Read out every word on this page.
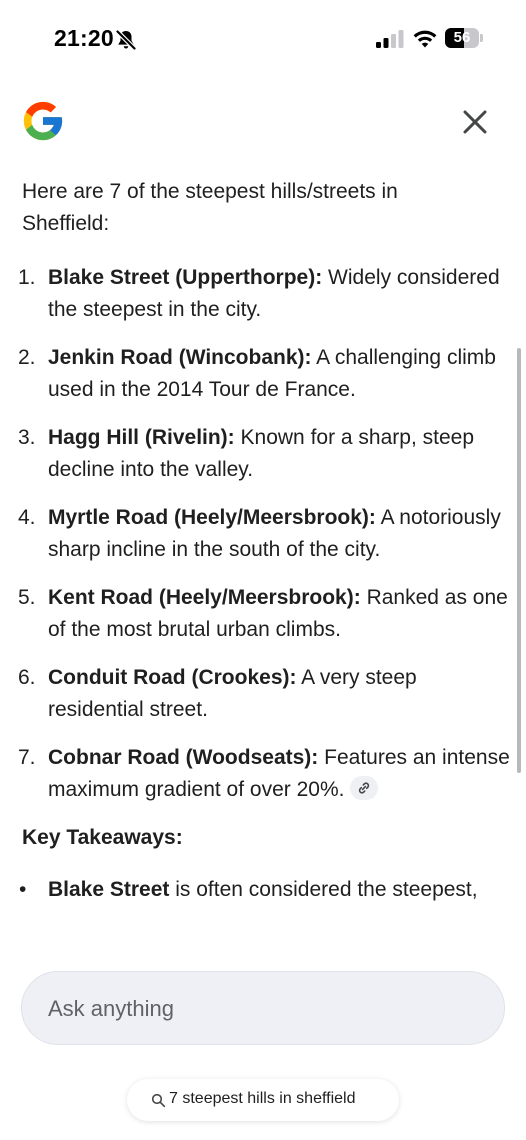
21:20	56

Here are 7 of the steepest hills/streets in Sheffield:

1. Blake Street (Upperthorpe): Widely considered the steepest in the city.
2. Jenkin Road (Wincobank): A challenging climb used in the 2014 Tour de France.
3. Hagg Hill (Rivelin): Known for a sharp, steep decline into the valley.
4. Myrtle Road (Heely/Meersbrook): A notoriously sharp incline in the south of the city.
5. Kent Road (Heely/Meersbrook): Ranked as one of the most brutal urban climbs.
6. Conduit Road (Crookes): A very steep residential street.
7. Cobnar Road (Woodseats): Features an intense maximum gradient of over 20%.

Key Takeaways:

• Blake Street is often considered the steepest,
Ask anything
7 steepest hills in sheffield
